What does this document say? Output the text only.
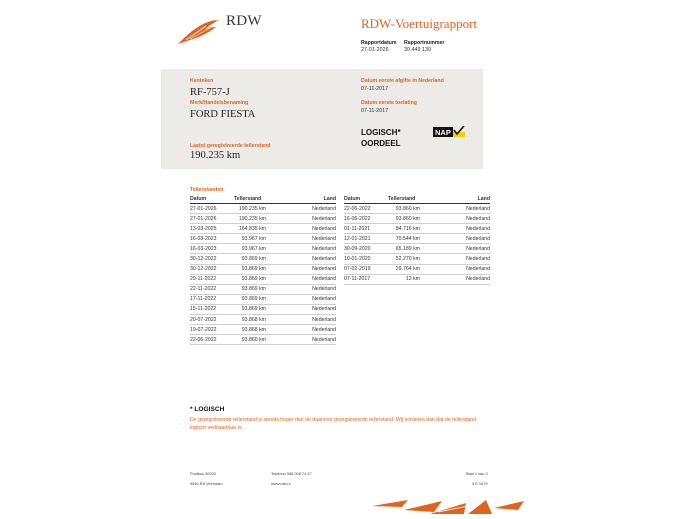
RDW	RDW-Voertuigrapport
Rapportdatum
27-01-2026
Rapportnummer
30.449.130
Kenteken
RF-757-J
Merk/Handelsbenaming
FORD FIESTA
Laatst geregistreerde tellerstand
190.235 km
Datum eerste afgifte in Nederland
07-11-2017
Datum eerste toelating
07-11-2017
LOGISCH*
OORDEEL
NAP
Tellerstanden
Datum	Tellerstand	Land
27-01-2026	190.235 km	Nederland
27-01-2026	190.235 km	Nederland
13-03-2025	164.835 km	Nederland
16-03-2023	93.967 km	Nederland
16-03-2023	93.967 km	Nederland
30-12-2022	93.869 km	Nederland
30-12-2022	93.869 km	Nederland
29-11-2022	93.869 km	Nederland
22-11-2022	93.869 km	Nederland
17-11-2022	93.869 km	Nederland
15-11-2022	93.869 km	Nederland
20-07-2022	93.868 km	Nederland
19-07-2022	93.868 km	Nederland
22-06-2022	93.860 km	Nederland
Datum	Tellerstand	Land
22-06-2022	93.860 km	Nederland
16-06-2022	93.860 km	Nederland
01-11-2021	84.716 km	Nederland
12-01-2021	70.544 km	Nederland
30-09-2020	65.189 km	Nederland
10-01-2020	52.270 km	Nederland
07-02-2019	29.764 km	Nederland
07-11-2017	12 km	Nederland
* LOGISCH
De geregistreerde tellerstand is steeds hoger dan de daarvoor geregistreerde tellerstand. Wij oordelen dan dat de tellerstand logisch verklaarbaar is.
Postbus 30000
9640 RA Veendam
Telefoon 088 008 74 47
www.rdw.nl
Blad 1 van 3
3 E 1679
